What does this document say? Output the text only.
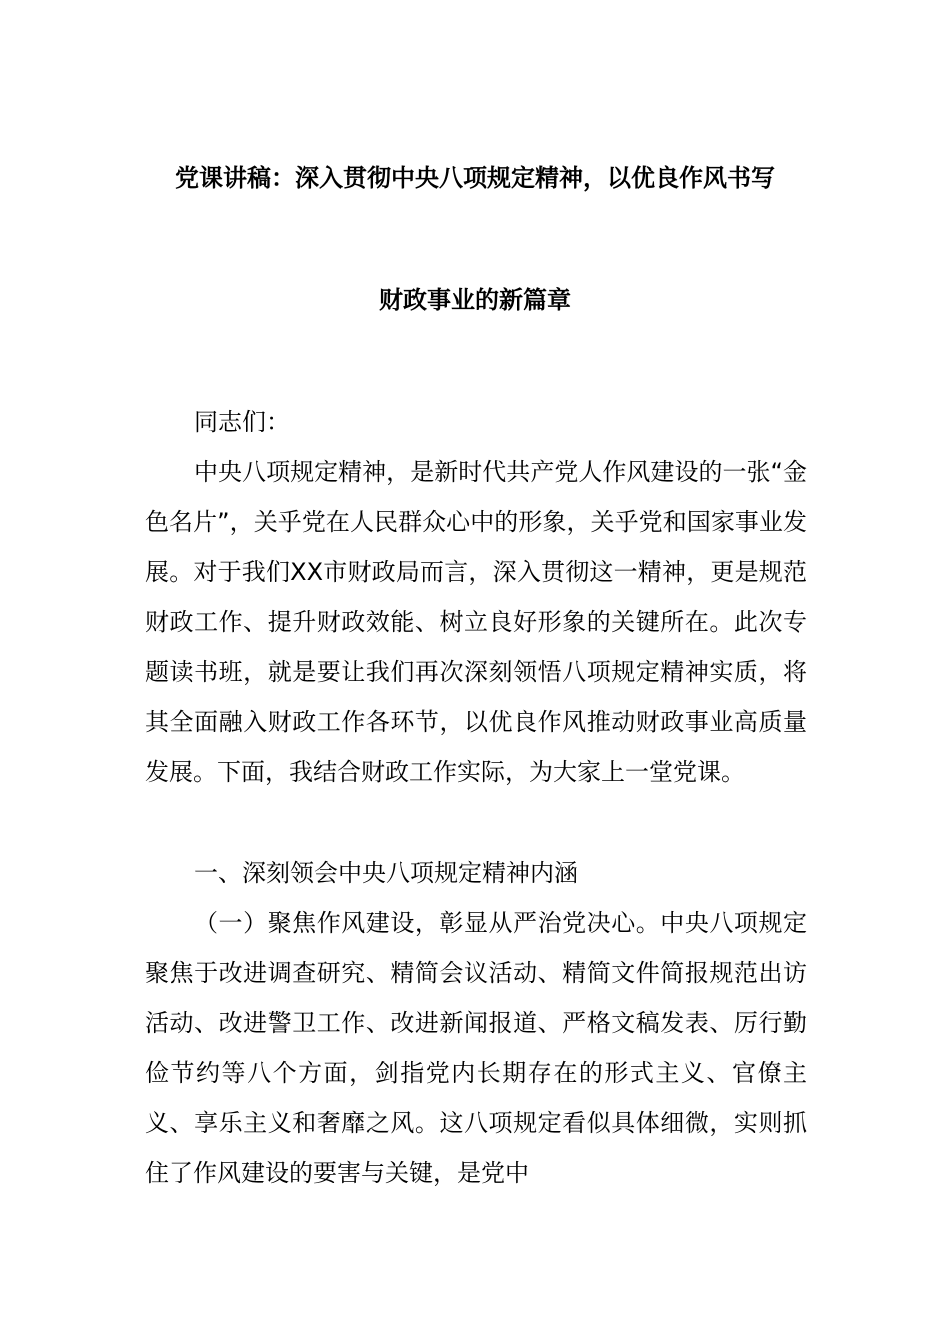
党课讲稿：深入贯彻中央八项规定精神，以优良作风书写
财政事业的新篇章
同志们：
中央八项规定精神，是新时代共产党人作风建设的一张“金色名片”，关乎党在人民群众心中的形象，关乎党和国家事业发展。对于我们XX市财政局而言，深入贯彻这一精神，更是规范财政工作、提升财政效能、树立良好形象的关键所在。此次专题读书班，就是要让我们再次深刻领悟八项规定精神实质，将其全面融入财政工作各环节，以优良作风推动财政事业高质量发展。下面，我结合财政工作实际，为大家上一堂党课。
一、深刻领会中央八项规定精神内涵
（一）聚焦作风建设，彰显从严治党决心。中央八项规定聚焦于改进调查研究、精简会议活动、精简文件简报规范出访活动、改进警卫工作、改进新闻报道、严格文稿发表、厉行勤俭节约等八个方面，剑指党内长期存在的形式主义、官僚主义、享乐主义和奢靡之风。这八项规定看似具体细微，实则抓住了作风建设的要害与关键，是党中
